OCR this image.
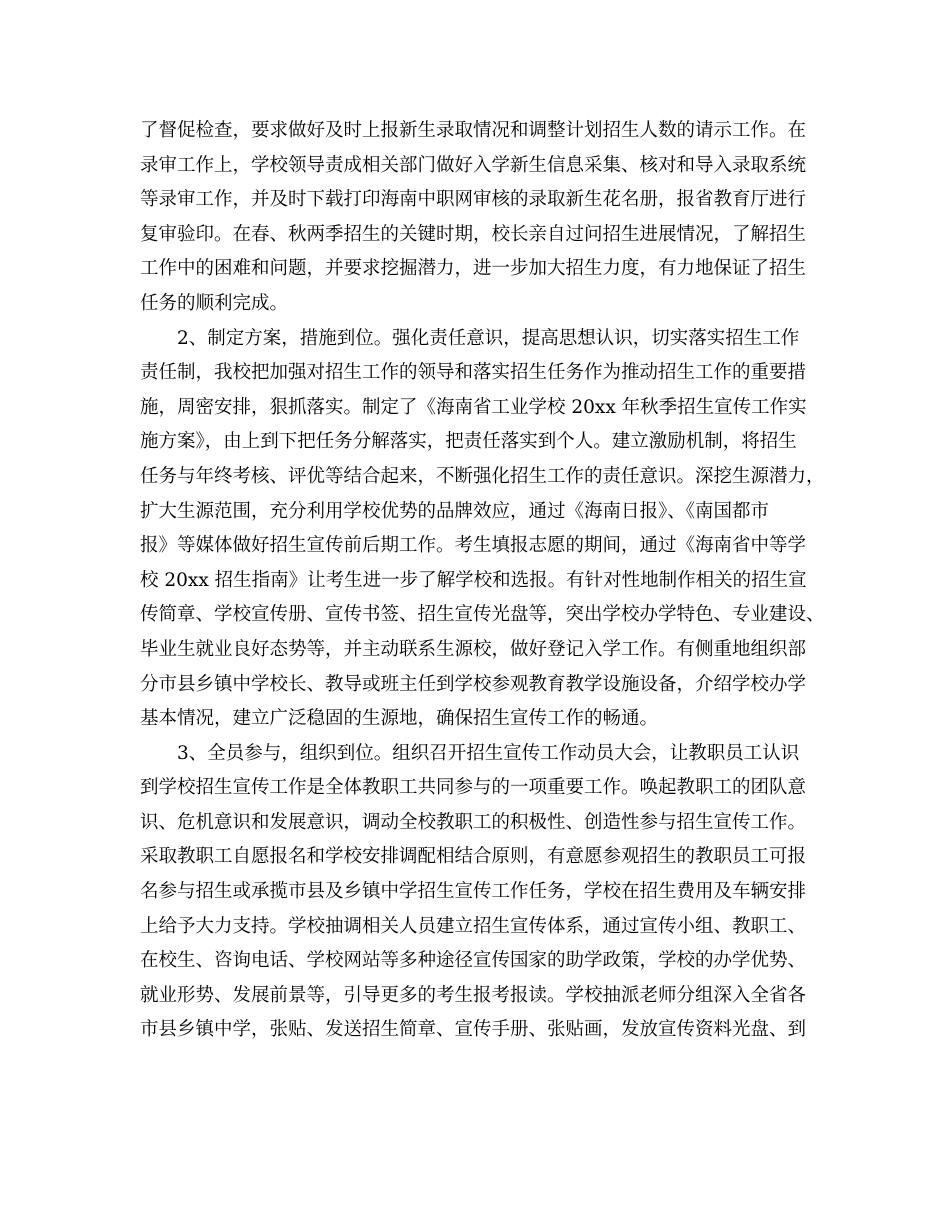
了督促检查，要求做好及时上报新生录取情况和调整计划招生人数的请示工作。在
录审工作上，学校领导责成相关部门做好入学新生信息采集、核对和导入录取系统
等录审工作，并及时下载打印海南中职网审核的录取新生花名册，报省教育厅进行
复审验印。在春、秋两季招生的关键时期，校长亲自过问招生进展情况，了解招生
工作中的困难和问题，并要求挖掘潜力，进一步加大招生力度，有力地保证了招生
任务的顺利完成。
　　2、制定方案，措施到位。强化责任意识，提高思想认识，切实落实招生工作
责任制，我校把加强对招生工作的领导和落实招生任务作为推动招生工作的重要措
施，周密安排，狠抓落实。制定了《海南省工业学校 20xx 年秋季招生宣传工作实
施方案》，由上到下把任务分解落实，把责任落实到个人。建立激励机制，将招生
任务与年终考核、评优等结合起来，不断强化招生工作的责任意识。深挖生源潜力，
扩大生源范围，充分利用学校优势的品牌效应，通过《海南日报》、《南国都市
报》等媒体做好招生宣传前后期工作。考生填报志愿的期间，通过《海南省中等学
校 20xx 招生指南》让考生进一步了解学校和选报。有针对性地制作相关的招生宣
传简章、学校宣传册、宣传书签、招生宣传光盘等，突出学校办学特色、专业建设、
毕业生就业良好态势等，并主动联系生源校，做好登记入学工作。有侧重地组织部
分市县乡镇中学校长、教导或班主任到学校参观教育教学设施设备，介绍学校办学
基本情况，建立广泛稳固的生源地，确保招生宣传工作的畅通。
　　3、全员参与，组织到位。组织召开招生宣传工作动员大会，让教职员工认识
到学校招生宣传工作是全体教职工共同参与的一项重要工作。唤起教职工的团队意
识、危机意识和发展意识，调动全校教职工的积极性、创造性参与招生宣传工作。
采取教职工自愿报名和学校安排调配相结合原则，有意愿参观招生的教职员工可报
名参与招生或承揽市县及乡镇中学招生宣传工作任务，学校在招生费用及车辆安排
上给予大力支持。学校抽调相关人员建立招生宣传体系，通过宣传小组、教职工、
在校生、咨询电话、学校网站等多种途径宣传国家的助学政策，学校的办学优势、
就业形势、发展前景等，引导更多的考生报考报读。学校抽派老师分组深入全省各
市县乡镇中学，张贴、发送招生简章、宣传手册、张贴画，发放宣传资料光盘、到
